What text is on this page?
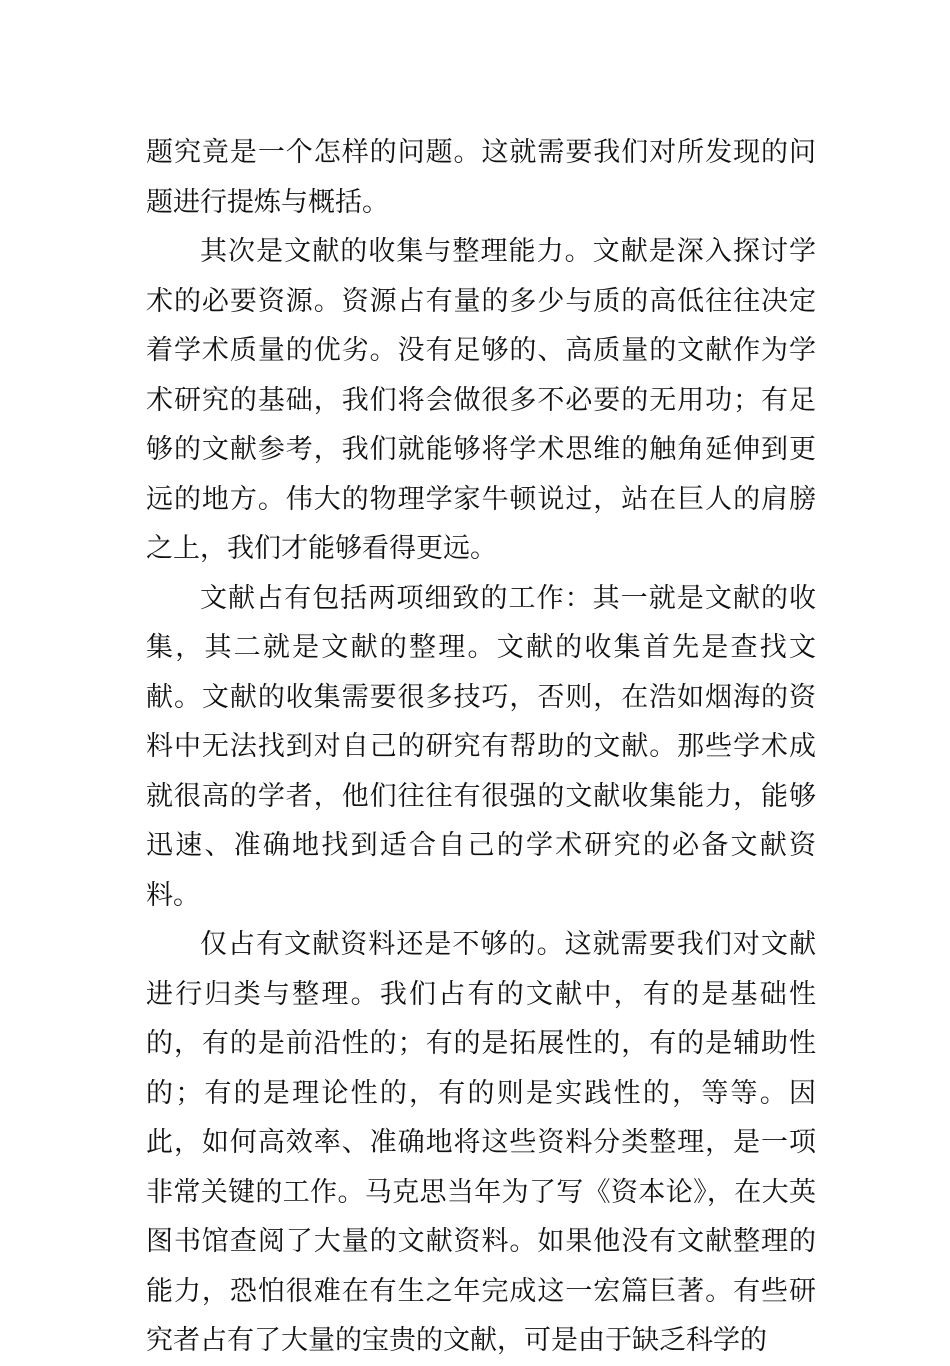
题究竟是一个怎样的问题。这就需要我们对所发现的问题进行提炼与概括。

其次是文献的收集与整理能力。文献是深入探讨学术的必要资源。资源占有量的多少与质的高低往往决定着学术质量的优劣。没有足够的、高质量的文献作为学术研究的基础，我们将会做很多不必要的无用功；有足够的文献参考，我们就能够将学术思维的触角延伸到更远的地方。伟大的物理学家牛顿说过，站在巨人的肩膀之上，我们才能够看得更远。

文献占有包括两项细致的工作：其一就是文献的收集，其二就是文献的整理。文献的收集首先是查找文献。文献的收集需要很多技巧，否则，在浩如烟海的资料中无法找到对自己的研究有帮助的文献。那些学术成就很高的学者，他们往往有很强的文献收集能力，能够迅速、准确地找到适合自己的学术研究的必备文献资料。

仅占有文献资料还是不够的。这就需要我们对文献进行归类与整理。我们占有的文献中，有的是基础性的，有的是前沿性的；有的是拓展性的，有的是辅助性的；有的是理论性的，有的则是实践性的，等等。因此，如何高效率、准确地将这些资料分类整理，是一项非常关键的工作。马克思当年为了写《资本论》，在大英图书馆查阅了大量的文献资料。如果他没有文献整理的能力，恐怕很难在有生之年完成这一宏篇巨著。有些研究者占有了大量的宝贵的文献，可是由于缺乏科学的
